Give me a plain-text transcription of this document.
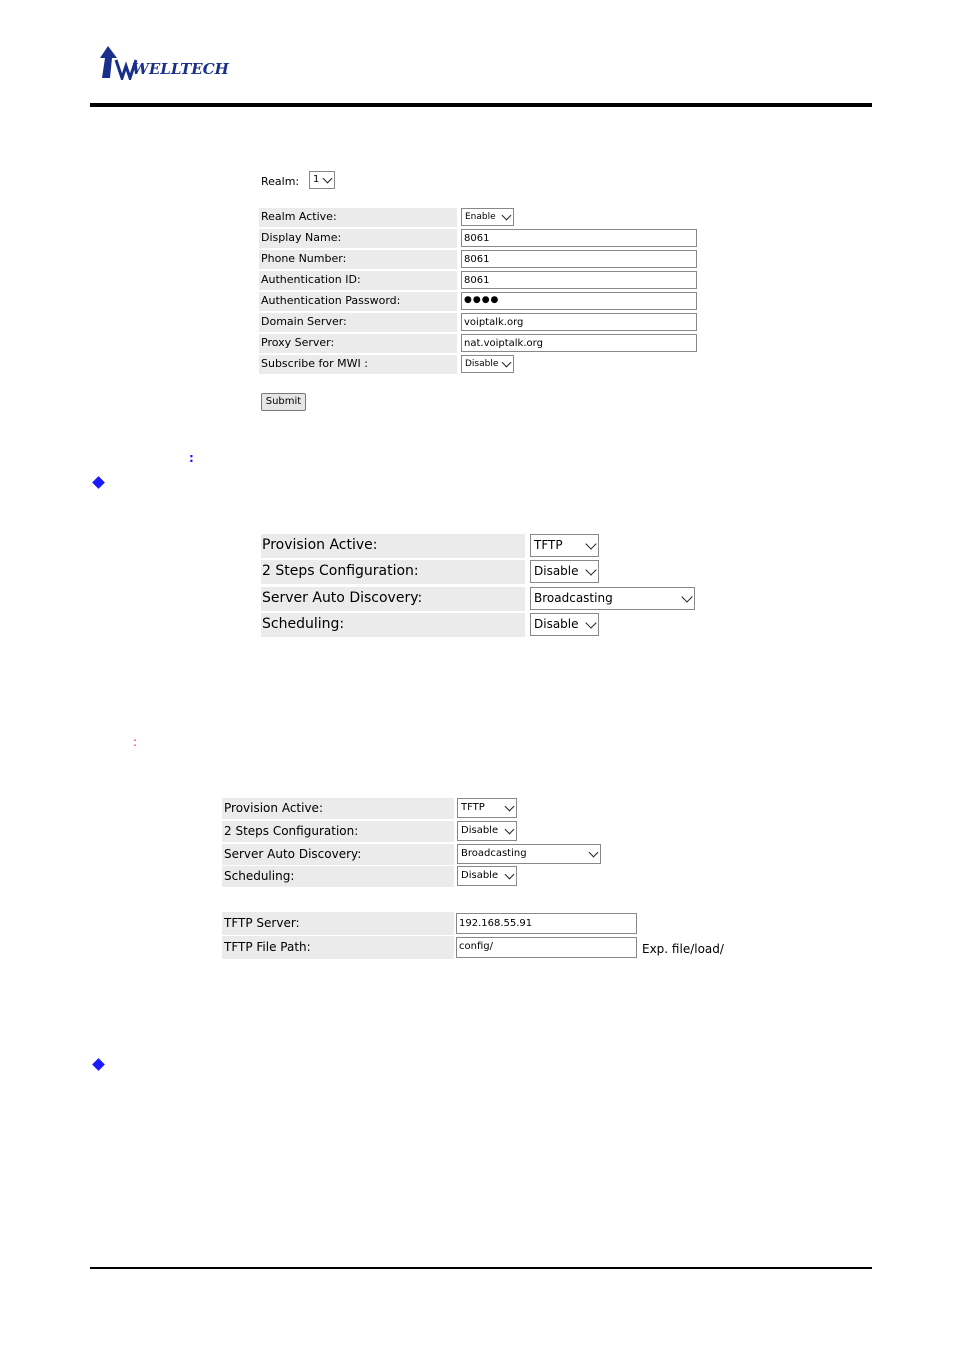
WELLTECH
Realm: 1
Realm Active:	Enable
Display Name:	8061
Phone Number:	8061
Authentication ID:	8061
Authentication Password:	●●●●
Domain Server:	voiptalk.org
Proxy Server:	nat.voiptalk.org
Subscribe for MWI :	Disable
Submit
:
Provision Active:	TFTP
2 Steps Configuration:	Disable
Server Auto Discovery:	Broadcasting
Scheduling:	Disable
:
Provision Active:	TFTP
2 Steps Configuration:	Disable
Server Auto Discovery:	Broadcasting
Scheduling:	Disable
TFTP Server:	192.168.55.91
TFTP File Path:	config/	Exp. file/load/
